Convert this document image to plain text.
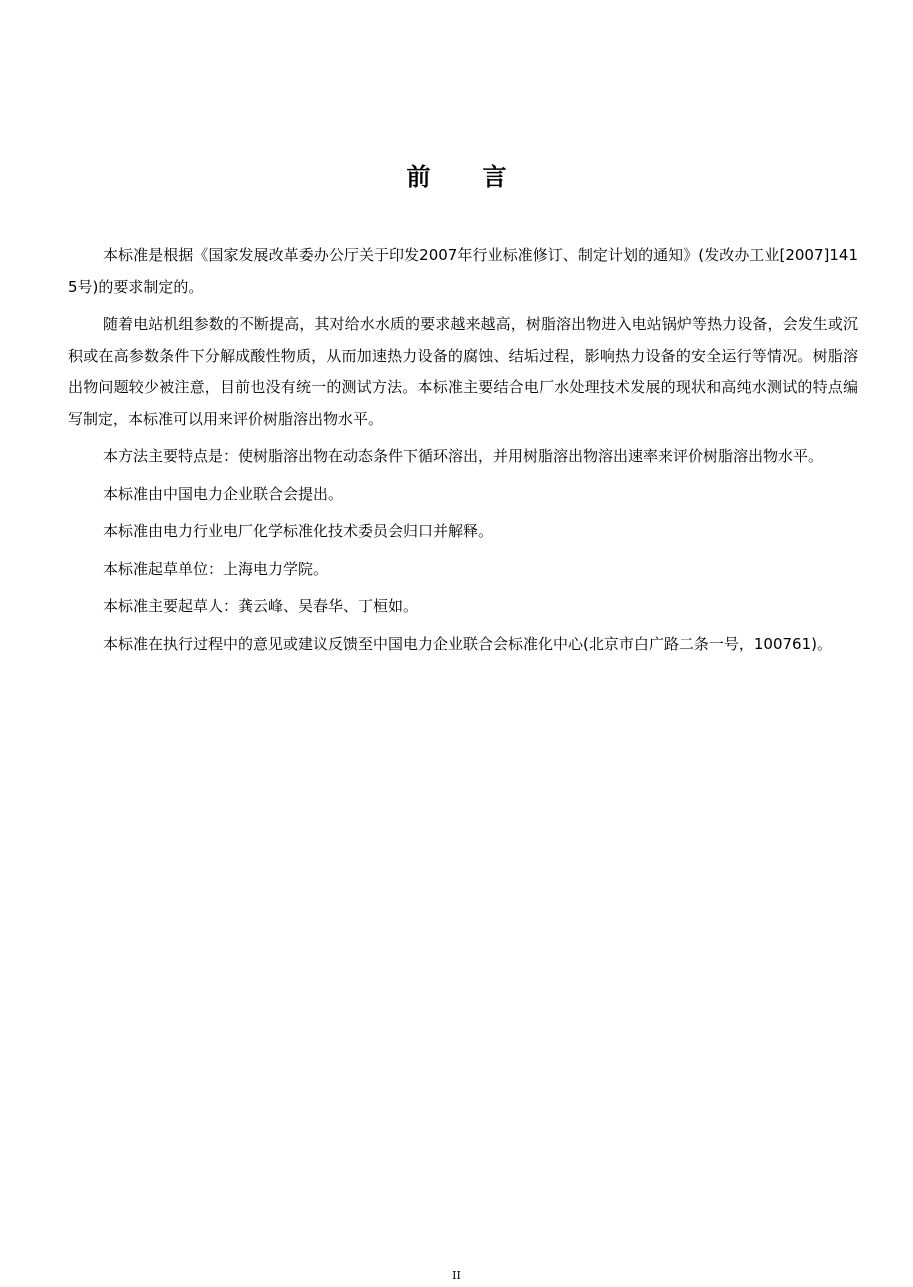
前言

本标准是根据《国家发展改革委办公厅关于印发2007年行业标准修订、制定计划的通知》(发改办工业[2007]1415号)的要求制定的。

随着电站机组参数的不断提高，其对给水水质的要求越来越高，树脂溶出物进入电站锅炉等热力设备，会发生或沉积或在高参数条件下分解成酸性物质，从而加速热力设备的腐蚀、结垢过程，影响热力设备的安全运行等情况。树脂溶出物问题较少被注意，目前也没有统一的测试方法。本标准主要结合电厂水处理技术发展的现状和高纯水测试的特点编写制定，本标准可以用来评价树脂溶出物水平。

本方法主要特点是：使树脂溶出物在动态条件下循环溶出，并用树脂溶出物溶出速率来评价树脂溶出物水平。

本标准由中国电力企业联合会提出。

本标准由电力行业电厂化学标准化技术委员会归口并解释。

本标准起草单位：上海电力学院。

本标准主要起草人：龚云峰、吴春华、丁桓如。

本标准在执行过程中的意见或建议反馈至中国电力企业联合会标准化中心(北京市白广路二条一号，100761)。

II
